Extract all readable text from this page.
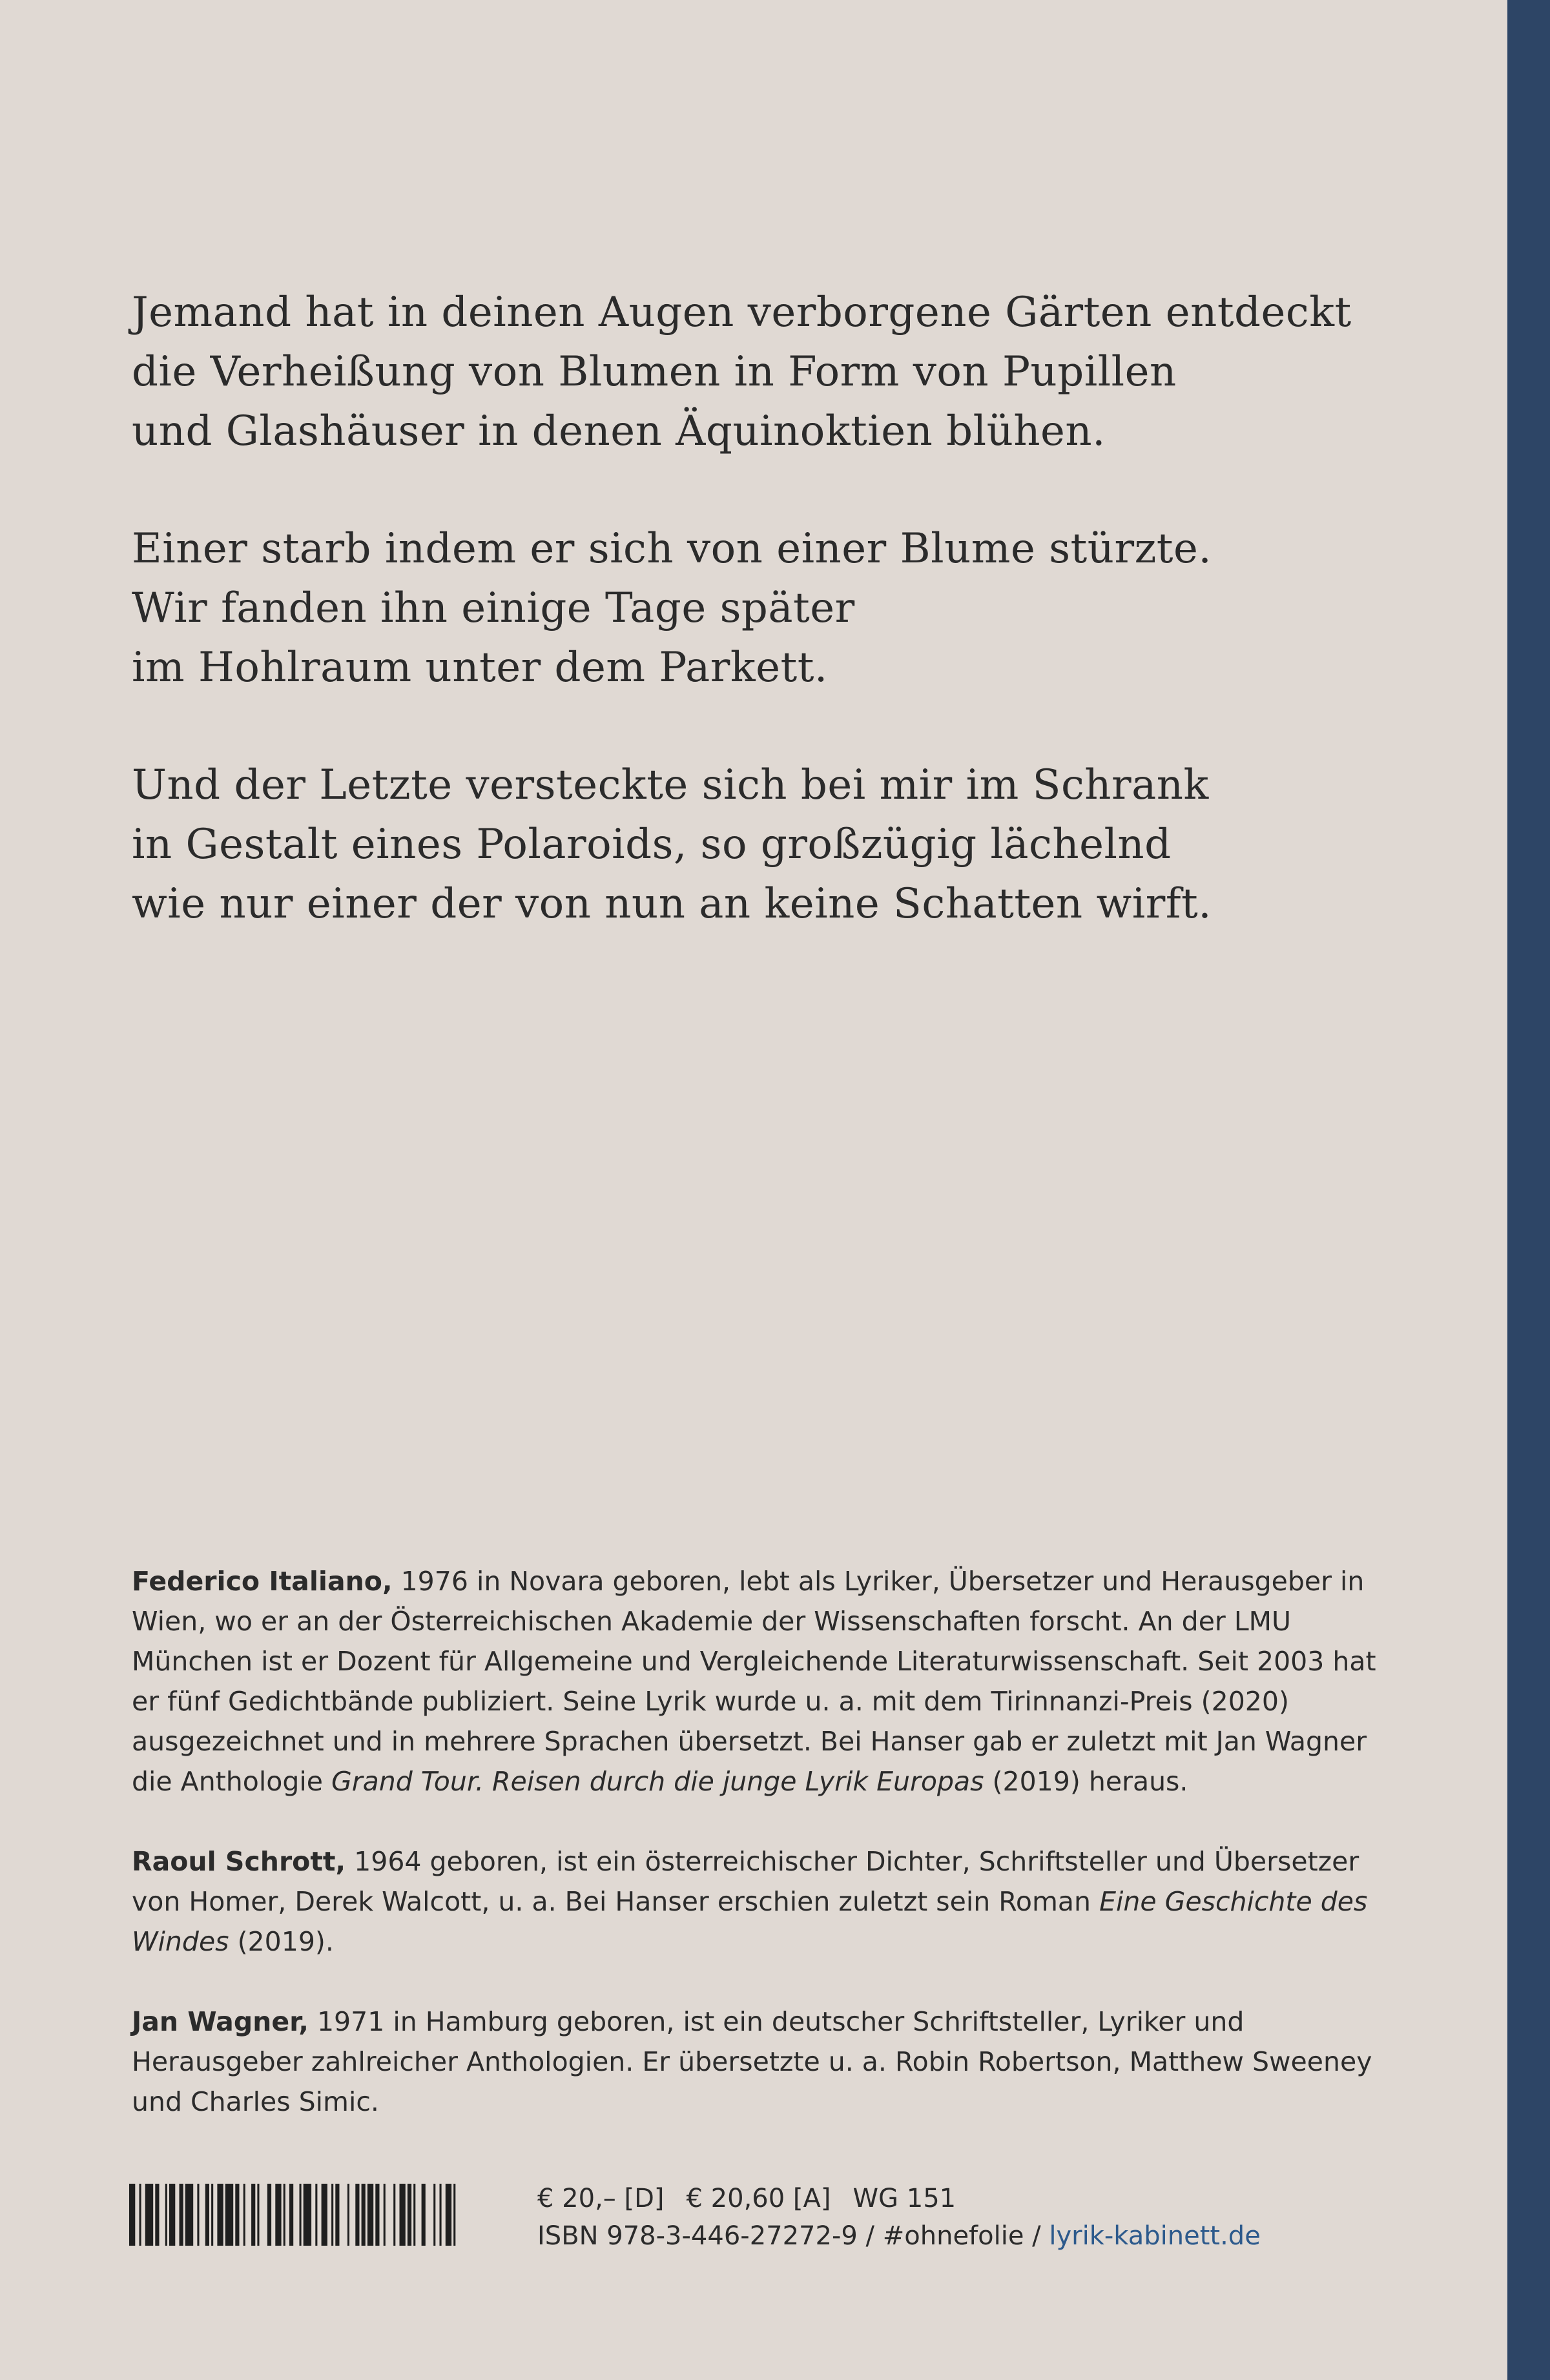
Jemand hat in deinen Augen verborgene Gärten entdeckt
die Verheißung von Blumen in Form von Pupillen
und Glashäuser in denen Äquinoktien blühen.
Einer starb indem er sich von einer Blume stürzte.
Wir fanden ihn einige Tage später
im Hohlraum unter dem Parkett.
Und der Letzte versteckte sich bei mir im Schrank
in Gestalt eines Polaroids, so großzügig lächelnd
wie nur einer der von nun an keine Schatten wirft.

Federico Italiano, 1976 in Novara geboren, lebt als Lyriker, Übersetzer und Herausgeber in Wien, wo er an der Österreichischen Akademie der Wissenschaften forscht. An der LMU München ist er Dozent für Allgemeine und Vergleichende Literaturwissenschaft. Seit 2003 hat er fünf Gedichtbände publiziert. Seine Lyrik wurde u. a. mit dem Tirinnanzi-Preis (2020) ausgezeichnet und in mehrere Sprachen übersetzt. Bei Hanser gab er zuletzt mit Jan Wagner die Anthologie Grand Tour. Reisen durch die junge Lyrik Europas (2019) heraus.

Raoul Schrott, 1964 geboren, ist ein österreichischer Dichter, Schriftsteller und Übersetzer von Homer, Derek Walcott, u. a. Bei Hanser erschien zuletzt sein Roman Eine Geschichte des Windes (2019).

Jan Wagner, 1971 in Hamburg geboren, ist ein deutscher Schriftsteller, Lyriker und Herausgeber zahlreicher Anthologien. Er übersetzte u. a. Robin Robertson, Matthew Sweeney und Charles Simic.

€ 20,– [D] € 20,60 [A] WG 151
ISBN 978-3-446-27272-9 / #ohnefolie / lyrik-kabinett.de
